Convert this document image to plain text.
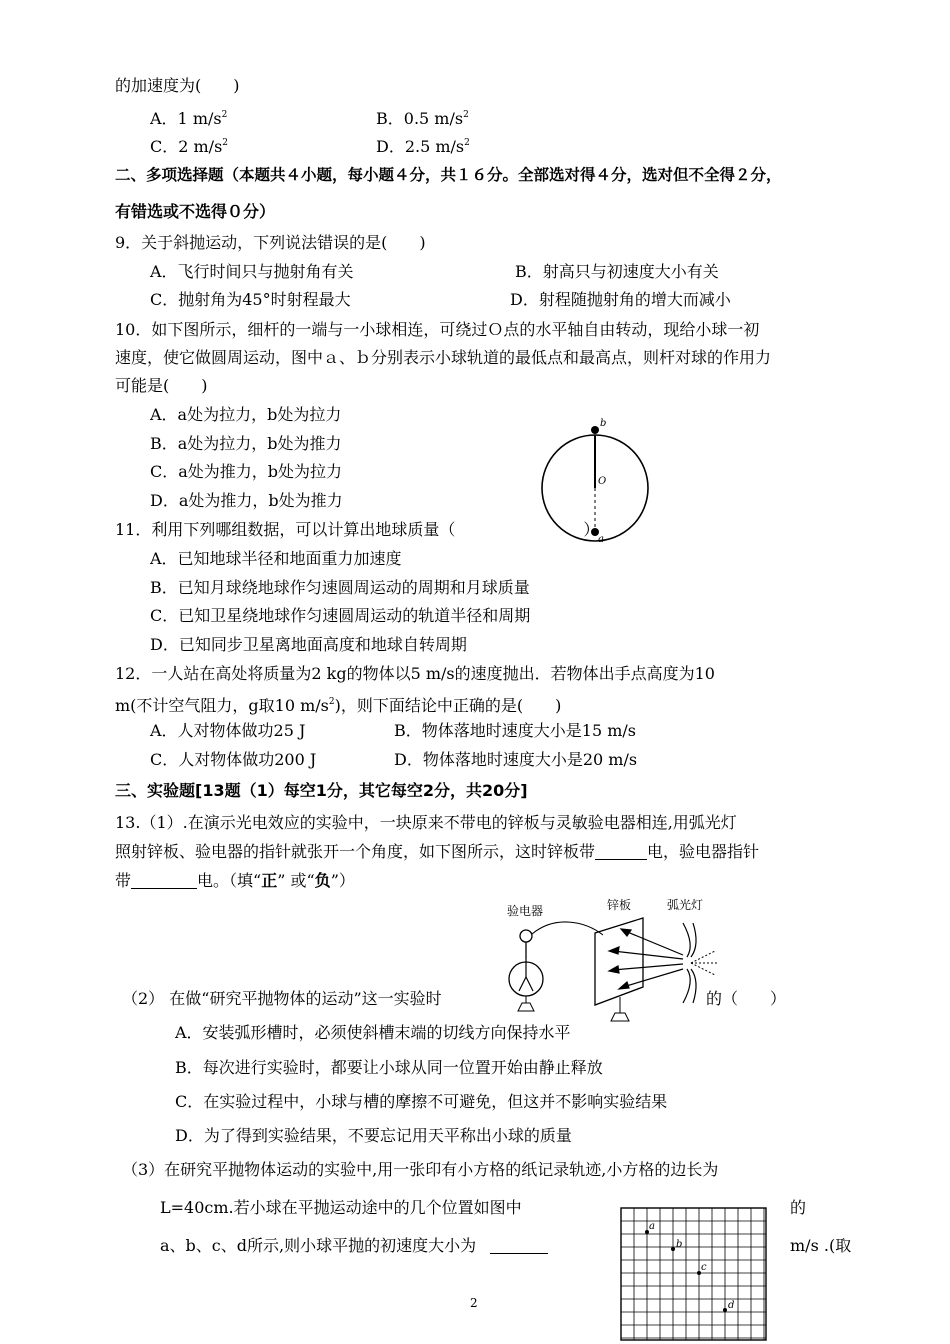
的加速度为(　　)
A．1 $m/s^2$	B．0.5 $m/s^2$
C．2 $m/s^2$	D．2.5 $m/s^2$
二、多项选择题（本题共４小题，每小题４分，共１６分。全部选对得４分，选对但不全得２分，
有错选或不选得０分）
9．关于斜抛运动，下列说法错误的是(　　)
A．飞行时间只与抛射角有关	B．射高只与初速度大小有关
C．抛射角为45°时射程最大	D．射程随抛射角的增大而减小
10．如下图所示，细杆的一端与一小球相连，可绕过Ｏ点的水平轴自由转动，现给小球一初
速度，使它做圆周运动，图中ａ、ｂ分别表示小球轨道的最低点和最高点，则杆对球的作用力
可能是(　　)
A．a处为拉力，b处为拉力
B．a处为拉力，b处为推力
C．a处为推力，b处为拉力
D．a处为推力，b处为推力
b
O
a
11．利用下列哪组数据，可以计算出地球质量（　　　　　　　　）
A．已知地球半径和地面重力加速度
B．已知月球绕地球作匀速圆周运动的周期和月球质量
C．已知卫星绕地球作匀速圆周运动的轨道半径和周期
D．已知同步卫星离地面高度和地球自转周期
12．一人站在高处将质量为2 kg的物体以5 m/s的速度抛出．若物体出手点高度为10
m(不计空气阻力，g取10 $m/s^2$)，则下面结论中正确的是(　　)
A．人对物体做功25 J	B．物体落地时速度大小是15 m/s
C．人对物体做功200 J	D．物体落地时速度大小是20 m/s
三、实验题[13题（1）每空1分，其它每空2分，共20分]
13.（1）.在演示光电效应的实验中，一块原来不带电的锌板与灵敏验电器相连,用弧光灯
照射锌板、验电器的指针就张开一个角度，如下图所示，这时锌板带	电，验电器指针
带	电。（填“正” 或“负”）
验电器	锌板	弧光灯
（2） 在做“研究平抛物体的运动”这一实验时	的（　　）
A．安装弧形槽时，必须使斜槽末端的切线方向保持水平
B．每次进行实验时，都要让小球从同一位置开始由静止释放
C．在实验过程中，小球与槽的摩擦不可避免，但这并不影响实验结果
D．为了得到实验结果，不要忘记用天平称出小球的质量
（3）在研究平抛物体运动的实验中,用一张印有小方格的纸记录轨迹,小方格的边长为
L=40cm.若小球在平抛运动途中的几个位置如图中	的
a、b、c、d所示,则小球平抛的初速度大小为	m/s .(取
a
b
c
d
2
